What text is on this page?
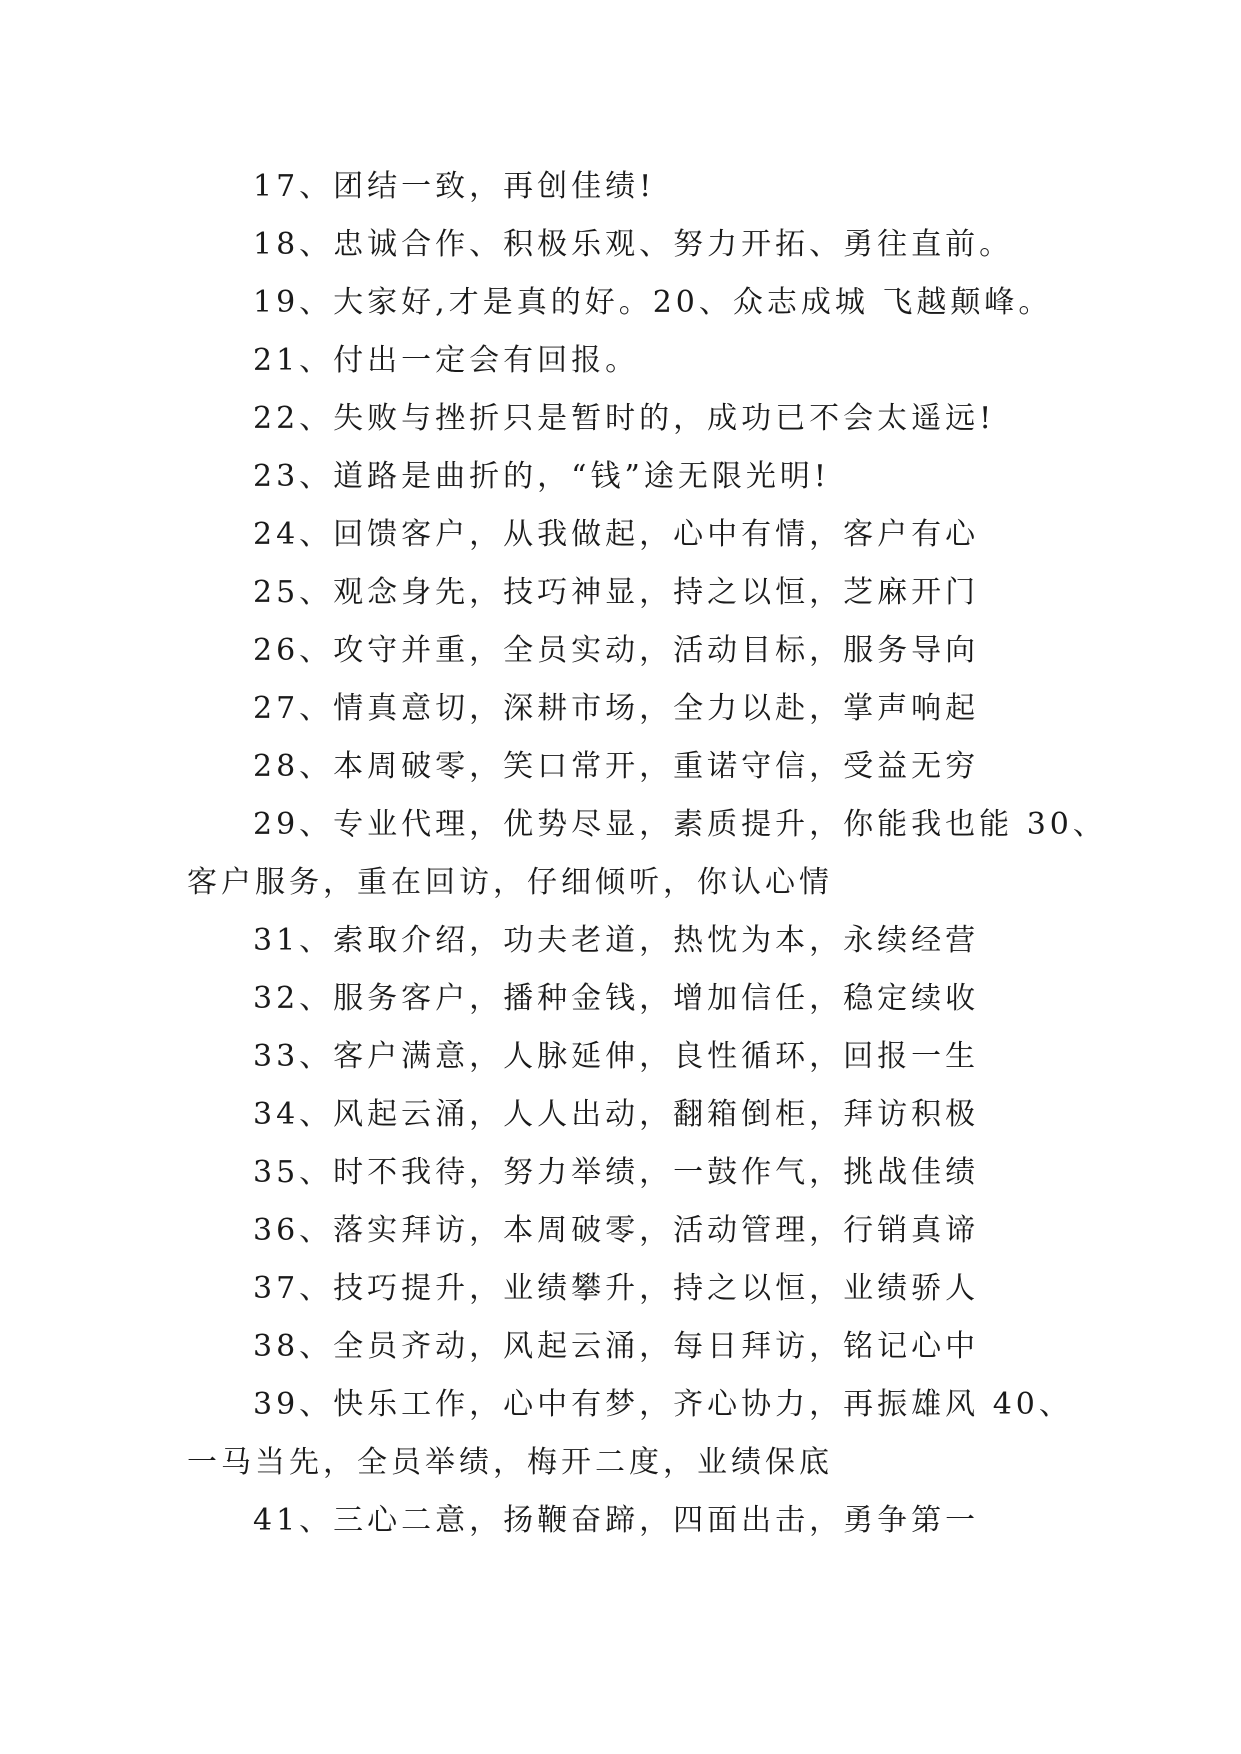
17、团结一致，再创佳绩!
18、忠诚合作、积极乐观、努力开拓、勇往直前。
19、大家好,才是真的好。20、众志成城 飞越颠峰。
21、付出一定会有回报。
22、失败与挫折只是暂时的，成功已不会太遥远!
23、道路是曲折的，“钱”途无限光明!
24、回馈客户，从我做起，心中有情，客户有心
25、观念身先，技巧神显，持之以恒，芝麻开门
26、攻守并重，全员实动，活动目标，服务导向
27、情真意切，深耕市场，全力以赴，掌声响起
28、本周破零，笑口常开，重诺守信，受益无穷
29、专业代理，优势尽显，素质提升，你能我也能 30、
客户服务，重在回访，仔细倾听，你认心情
31、索取介绍，功夫老道，热忱为本，永续经营
32、服务客户，播种金钱，增加信任，稳定续收
33、客户满意，人脉延伸，良性循环，回报一生
34、风起云涌，人人出动，翻箱倒柜，拜访积极
35、时不我待，努力举绩，一鼓作气，挑战佳绩
36、落实拜访，本周破零，活动管理，行销真谛
37、技巧提升，业绩攀升，持之以恒，业绩骄人
38、全员齐动，风起云涌，每日拜访，铭记心中
39、快乐工作，心中有梦，齐心协力，再振雄风 40、
一马当先，全员举绩，梅开二度，业绩保底
41、三心二意，扬鞭奋蹄，四面出击，勇争第一
